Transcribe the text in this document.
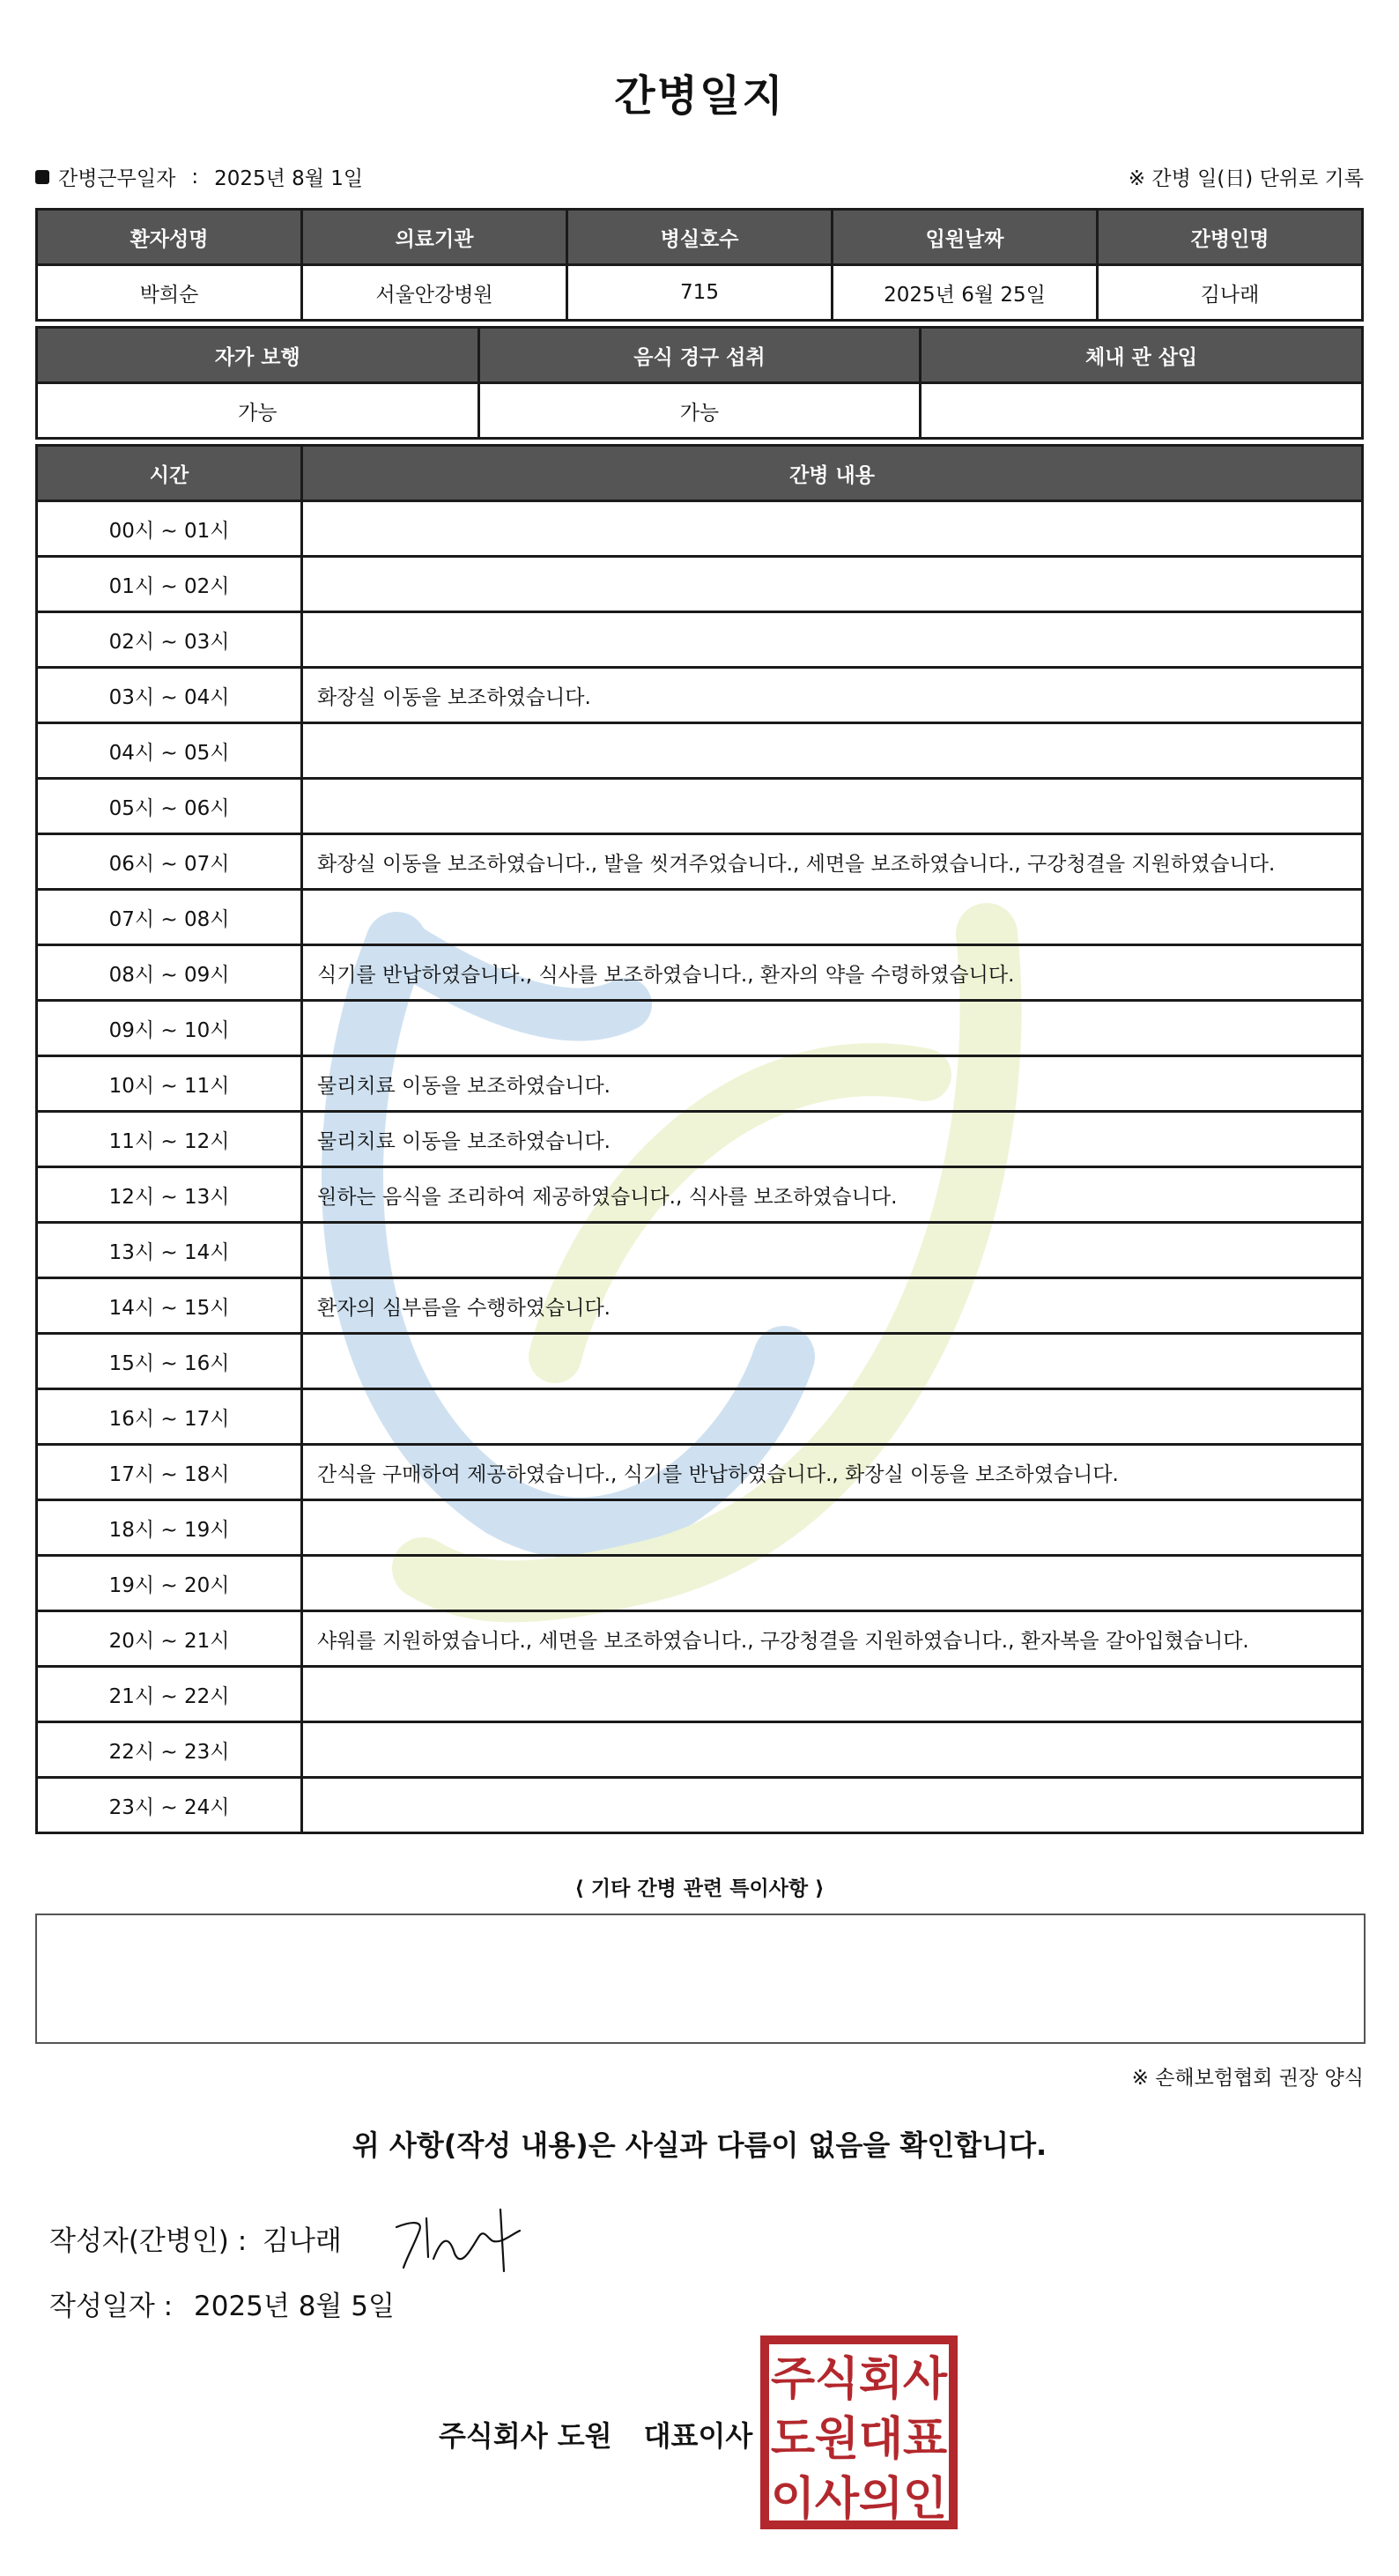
간병일지
간병근무일자 : 2025년 8월 1일	※ 간병 일(日) 단위로 기록
환자성명	의료기관	병실호수	입원날짜	간병인명
박희순	서울안강병원	715	2025년 6월 25일	김나래
자가 보행	음식 경구 섭취	체내 관 삽입
가능	가능	
시간	간병 내용
00시 ~ 01시	
01시 ~ 02시	
02시 ~ 03시	
03시 ~ 04시	화장실 이동을 보조하였습니다.
04시 ~ 05시	
05시 ~ 06시	
06시 ~ 07시	화장실 이동을 보조하였습니다., 발을 씻겨주었습니다., 세면을 보조하였습니다., 구강청결을 지원하였습니다.
07시 ~ 08시	
08시 ~ 09시	식기를 반납하였습니다., 식사를 보조하였습니다., 환자의 약을 수령하였습니다.
09시 ~ 10시	
10시 ~ 11시	물리치료 이동을 보조하였습니다.
11시 ~ 12시	물리치료 이동을 보조하였습니다.
12시 ~ 13시	원하는 음식을 조리하여 제공하였습니다., 식사를 보조하였습니다.
13시 ~ 14시	
14시 ~ 15시	환자의 심부름을 수행하였습니다.
15시 ~ 16시	
16시 ~ 17시	
17시 ~ 18시	간식을 구매하여 제공하였습니다., 식기를 반납하였습니다., 화장실 이동을 보조하였습니다.
18시 ~ 19시	
19시 ~ 20시	
20시 ~ 21시	샤워를 지원하였습니다., 세면을 보조하였습니다., 구강청결을 지원하였습니다., 환자복을 갈아입혔습니다.
21시 ~ 22시	
22시 ~ 23시	
23시 ~ 24시	
⟨ 기타 간병 관련 특이사항 ⟩
※ 손해보험협회 권장 양식
위 사항(작성 내용)은 사실과 다름이 없음을 확인합니다.
작성자(간병인) : 김나래
작성일자 : 2025년 8월 5일
주식회사 도원 대표이사
주 식 회 사
도 원 대 표
이 사 의 인
